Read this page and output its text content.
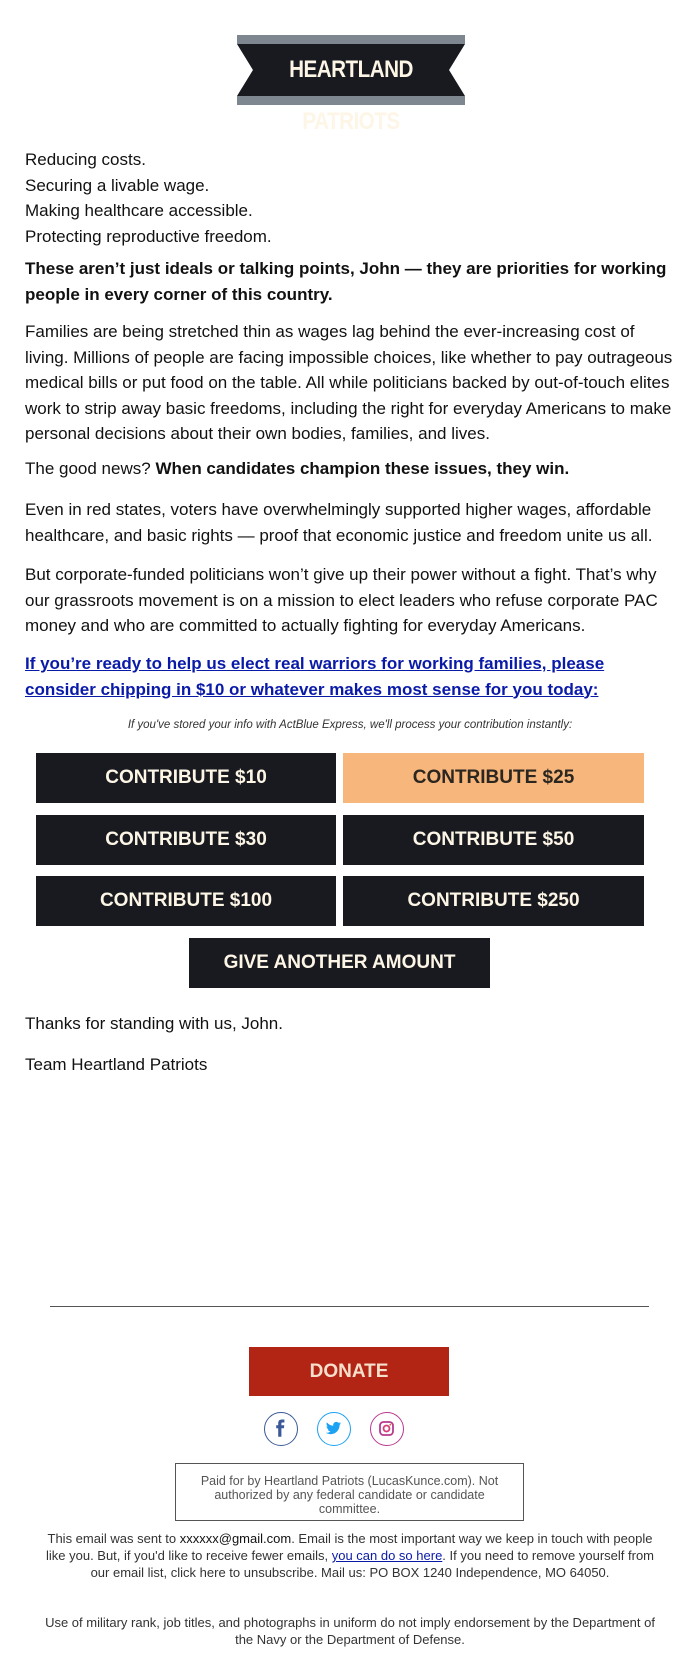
HEARTLAND PATRIOTS
Reducing costs.
Securing a livable wage.
Making healthcare accessible.
Protecting reproductive freedom.

These aren’t just ideals or talking points, John — they are priorities for working people in every corner of this country.

Families are being stretched thin as wages lag behind the ever-increasing cost of living. Millions of people are facing impossible choices, like whether to pay outrageous medical bills or put food on the table. All while politicians backed by out-of-touch elites work to strip away basic freedoms, including the right for everyday Americans to make personal decisions about their own bodies, families, and lives.

The good news? When candidates champion these issues, they win.

Even in red states, voters have overwhelmingly supported higher wages, affordable healthcare, and basic rights — proof that economic justice and freedom unite us all.

But corporate-funded politicians won’t give up their power without a fight. That’s why our grassroots movement is on a mission to elect leaders who refuse corporate PAC money and who are committed to actually fighting for everyday Americans.

If you’re ready to help us elect real warriors for working families, please consider chipping in $10 or whatever makes most sense for you today:

If you've stored your info with ActBlue Express, we'll process your contribution instantly:
CONTRIBUTE $10	CONTRIBUTE $25
CONTRIBUTE $30	CONTRIBUTE $50
CONTRIBUTE $100	CONTRIBUTE $250
GIVE ANOTHER AMOUNT

Thanks for standing with us, John.

Team Heartland Patriots

DONATE
Paid for by Heartland Patriots (LucasKunce.com). Not authorized by any federal candidate or candidate committee.
This email was sent to xxxxxx@gmail.com. Email is the most important way we keep in touch with people like you. But, if you'd like to receive fewer emails, you can do so here. If you need to remove yourself from our email list, click here to unsubscribe. Mail us: PO BOX 1240 Independence, MO 64050.
Use of military rank, job titles, and photographs in uniform do not imply endorsement by the Department of the Navy or the Department of Defense.
